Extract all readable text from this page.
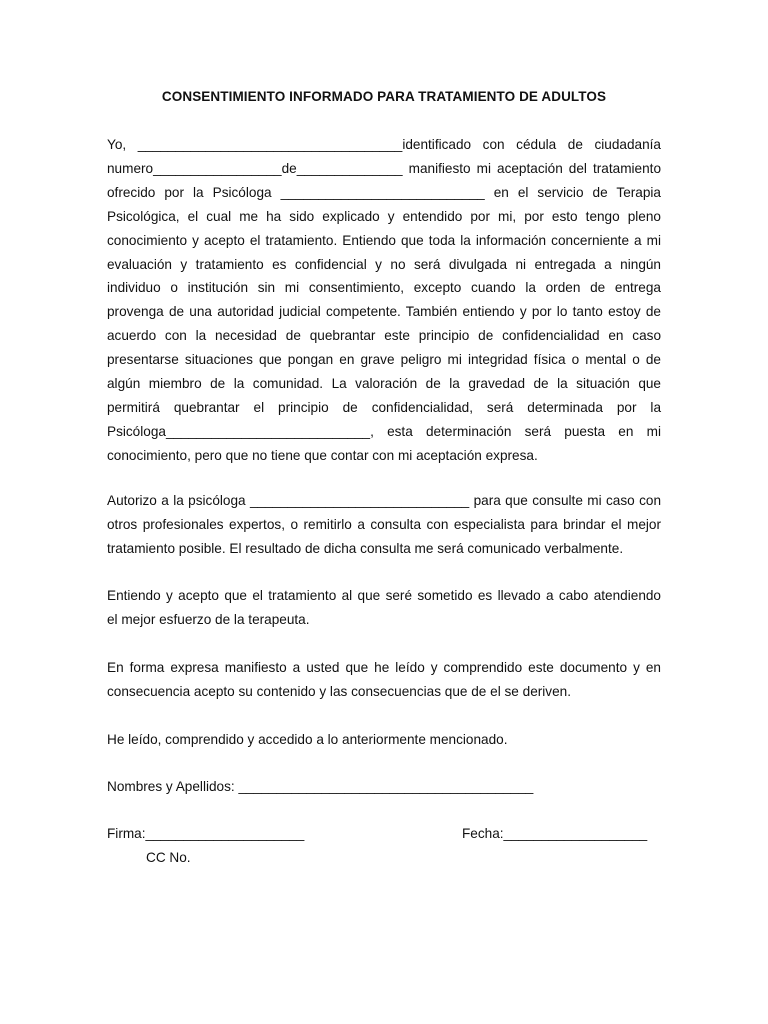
CONSENTIMIENTO INFORMADO PARA TRATAMIENTO DE ADULTOS
Yo, ___________________________________identificado con cédula de ciudadanía
numero_________________de______________ manifiesto mi aceptación del tratamiento
ofrecido por la Psicóloga ___________________________ en el servicio de Terapia
Psicológica, el cual me ha sido explicado y entendido por mi, por esto tengo pleno
conocimiento y acepto el tratamiento. Entiendo que toda la información concerniente a mi
evaluación y tratamiento es confidencial y no será divulgada ni entregada a ningún
individuo o institución sin mi consentimiento, excepto cuando la orden de entrega
provenga de una autoridad judicial competente. También entiendo y por lo tanto estoy de
acuerdo con la necesidad de quebrantar este principio de confidencialidad en caso
presentarse situaciones que pongan en grave peligro mi integridad física o mental o de
algún miembro de la comunidad. La valoración de la gravedad de la situación que
permitirá quebrantar el principio de confidencialidad, será determinada por la
Psicóloga___________________________, esta determinación será puesta en mi
conocimiento, pero que no tiene que contar con mi aceptación expresa.
Autorizo a la psicóloga _____________________________ para que consulte mi caso con
otros profesionales expertos, o remitirlo a consulta con especialista para brindar el mejor
tratamiento posible. El resultado de dicha consulta me será comunicado verbalmente.
Entiendo y acepto que el tratamiento al que seré sometido es llevado a cabo atendiendo
el mejor esfuerzo de la terapeuta.
En forma expresa manifiesto a usted que he leído y comprendido este documento y en
consecuencia acepto su contenido y las consecuencias que de el se deriven.
He leído, comprendido y accedido a lo anteriormente mencionado.
Nombres y Apellidos: _______________________________________
Firma:_____________________	Fecha:___________________
CC No.
